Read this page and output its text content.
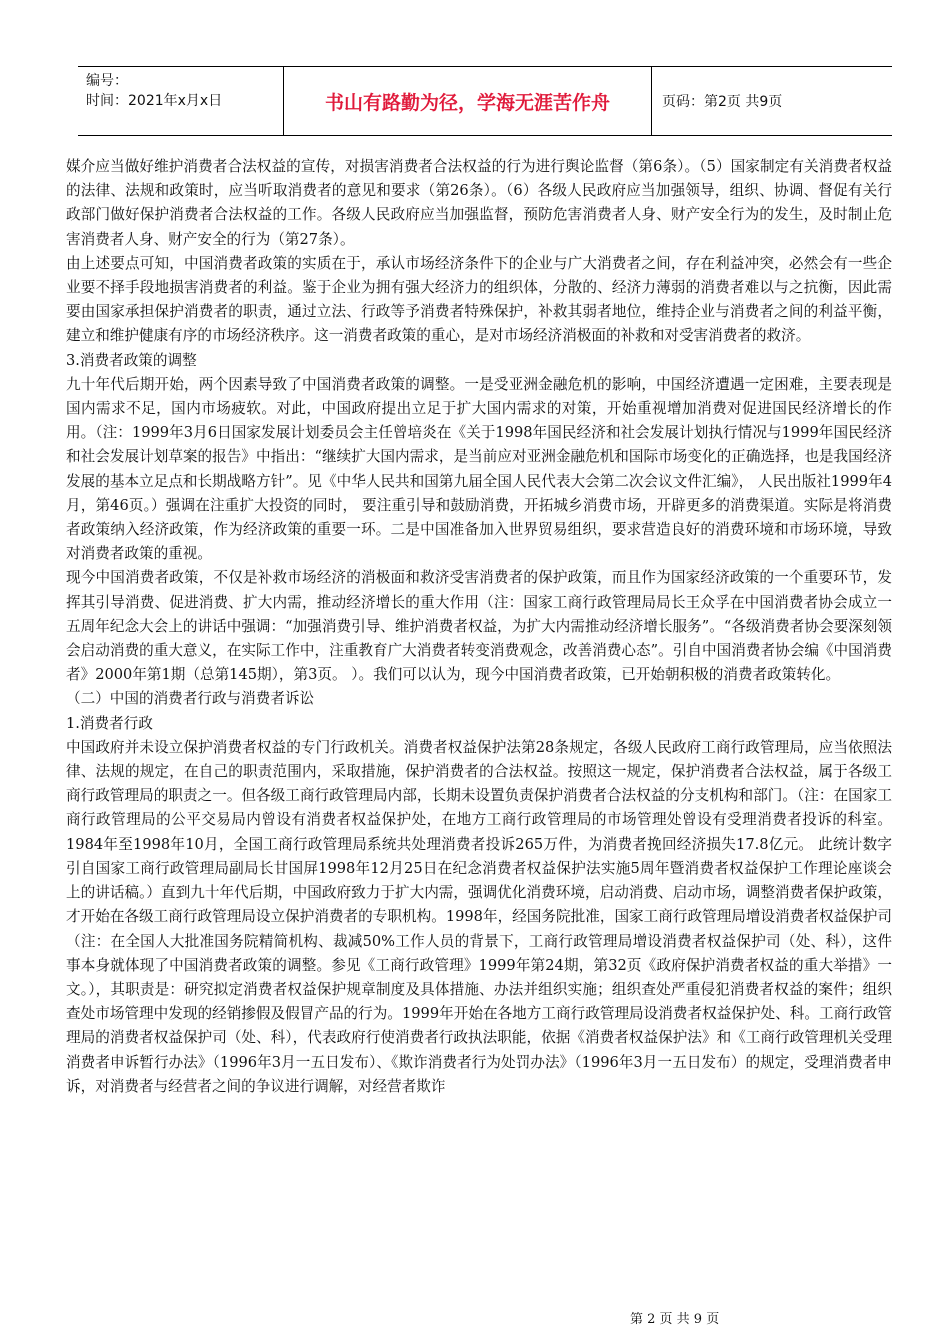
编号：
时间：2021年x月x日	书山有路勤为径，学海无涯苦作舟	页码：第2页 共9页

媒介应当做好维护消费者合法权益的宣传，对损害消费者合法权益的行为进行舆论监督（第6条）。（5）国家制定有关消费者权益的法律、法规和政策时，应当听取消费者的意见和要求（第26条）。（6）各级人民政府应当加强领导，组织、协调、督促有关行政部门做好保护消费者合法权益的工作。各级人民政府应当加强监督，预防危害消费者人身、财产安全行为的发生，及时制止危害消费者人身、财产安全的行为（第27条）。

由上述要点可知，中国消费者政策的实质在于，承认市场经济条件下的企业与广大消费者之间，存在利益冲突，必然会有一些企业要不择手段地损害消费者的利益。鉴于企业为拥有强大经济力的组织体，分散的、经济力薄弱的消费者难以与之抗衡，因此需要由国家承担保护消费者的职责，通过立法、行政等予消费者特殊保护，补救其弱者地位，维持企业与消费者之间的利益平衡，建立和维护健康有序的市场经济秩序。这一消费者政策的重心，是对市场经济消极面的补救和对受害消费者的救济。

3.消费者政策的调整

九十年代后期开始，两个因素导致了中国消费者政策的调整。一是受亚洲金融危机的影响，中国经济遭遇一定困难，主要表现是国内需求不足，国内市场疲软。对此，中国政府提出立足于扩大国内需求的对策，开始重视增加消费对促进国民经济增长的作用。（注：1999年3月6日国家发展计划委员会主任曾培炎在《关于1998年国民经济和社会发展计划执行情况与1999年国民经济和社会发展计划草案的报告》中指出：“继续扩大国内需求，是当前应对亚洲金融危机和国际市场变化的正确选择，也是我国经济发展的基本立足点和长期战略方针”。见《中华人民共和国第九届全国人民代表大会第二次会议文件汇编》， 人民出版社1999年4月，第46页。）强调在注重扩大投资的同时， 要注重引导和鼓励消费，开拓城乡消费市场，开辟更多的消费渠道。实际是将消费者政策纳入经济政策，作为经济政策的重要一环。二是中国准备加入世界贸易组织，要求营造良好的消费环境和市场环境，导致对消费者政策的重视。

现今中国消费者政策，不仅是补救市场经济的消极面和救济受害消费者的保护政策，而且作为国家经济政策的一个重要环节，发挥其引导消费、促进消费、扩大内需，推动经济增长的重大作用（注：国家工商行政管理局局长王众孚在中国消费者协会成立一五周年纪念大会上的讲话中强调：“加强消费引导、维护消费者权益，为扩大内需推动经济增长服务”。“各级消费者协会要深刻领会启动消费的重大意义，在实际工作中，注重教育广大消费者转变消费观念，改善消费心态”。引自中国消费者协会编《中国消费者》2000年第1期（总第145期），第3页。 ）。我们可以认为，现今中国消费者政策，已开始朝积极的消费者政策转化。

（二）中国的消费者行政与消费者诉讼

1.消费者行政

中国政府并未设立保护消费者权益的专门行政机关。消费者权益保护法第28条规定，各级人民政府工商行政管理局，应当依照法律、法规的规定，在自己的职责范围内，采取措施，保护消费者的合法权益。按照这一规定，保护消费者合法权益，属于各级工商行政管理局的职责之一。但各级工商行政管理局内部，长期未设置负责保护消费者合法权益的分支机构和部门。（注：在国家工商行政管理局的公平交易局内曾设有消费者权益保护处，在地方工商行政管理局的市场管理处曾设有受理消费者投诉的科室。1984年至1998年10月，全国工商行政管理局系统共处理消费者投诉265万件，为消费者挽回经济损失17.8亿元。 此统计数字引自国家工商行政管理局副局长甘国屏1998年12月25日在纪念消费者权益保护法实施5周年暨消费者权益保护工作理论座谈会上的讲话稿。）直到九十年代后期，中国政府致力于扩大内需，强调优化消费环境，启动消费、启动市场，调整消费者保护政策，才开始在各级工商行政管理局设立保护消费者的专职机构。1998年，经国务院批准，国家工商行政管理局增设消费者权益保护司（注：在全国人大批准国务院精简机构、裁减50%工作人员的背景下，工商行政管理局增设消费者权益保护司（处、科），这件事本身就体现了中国消费者政策的调整。参见《工商行政管理》1999年第24期，第32页《政府保护消费者权益的重大举措》一文。），其职责是：研究拟定消费者权益保护规章制度及具体措施、办法并组织实施；组织查处严重侵犯消费者权益的案件；组织查处市场管理中发现的经销掺假及假冒产品的行为。1999年开始在各地方工商行政管理局设消费者权益保护处、科。工商行政管理局的消费者权益保护司（处、科），代表政府行使消费者行政执法职能，依据《消费者权益保护法》和《工商行政管理机关受理消费者申诉暂行办法》（1996年3月一五日发布）、《欺诈消费者行为处罚办法》（1996年3月一五日发布）的规定，受理消费者申诉，对消费者与经营者之间的争议进行调解，对经营者欺诈

第 2 页 共 9 页
